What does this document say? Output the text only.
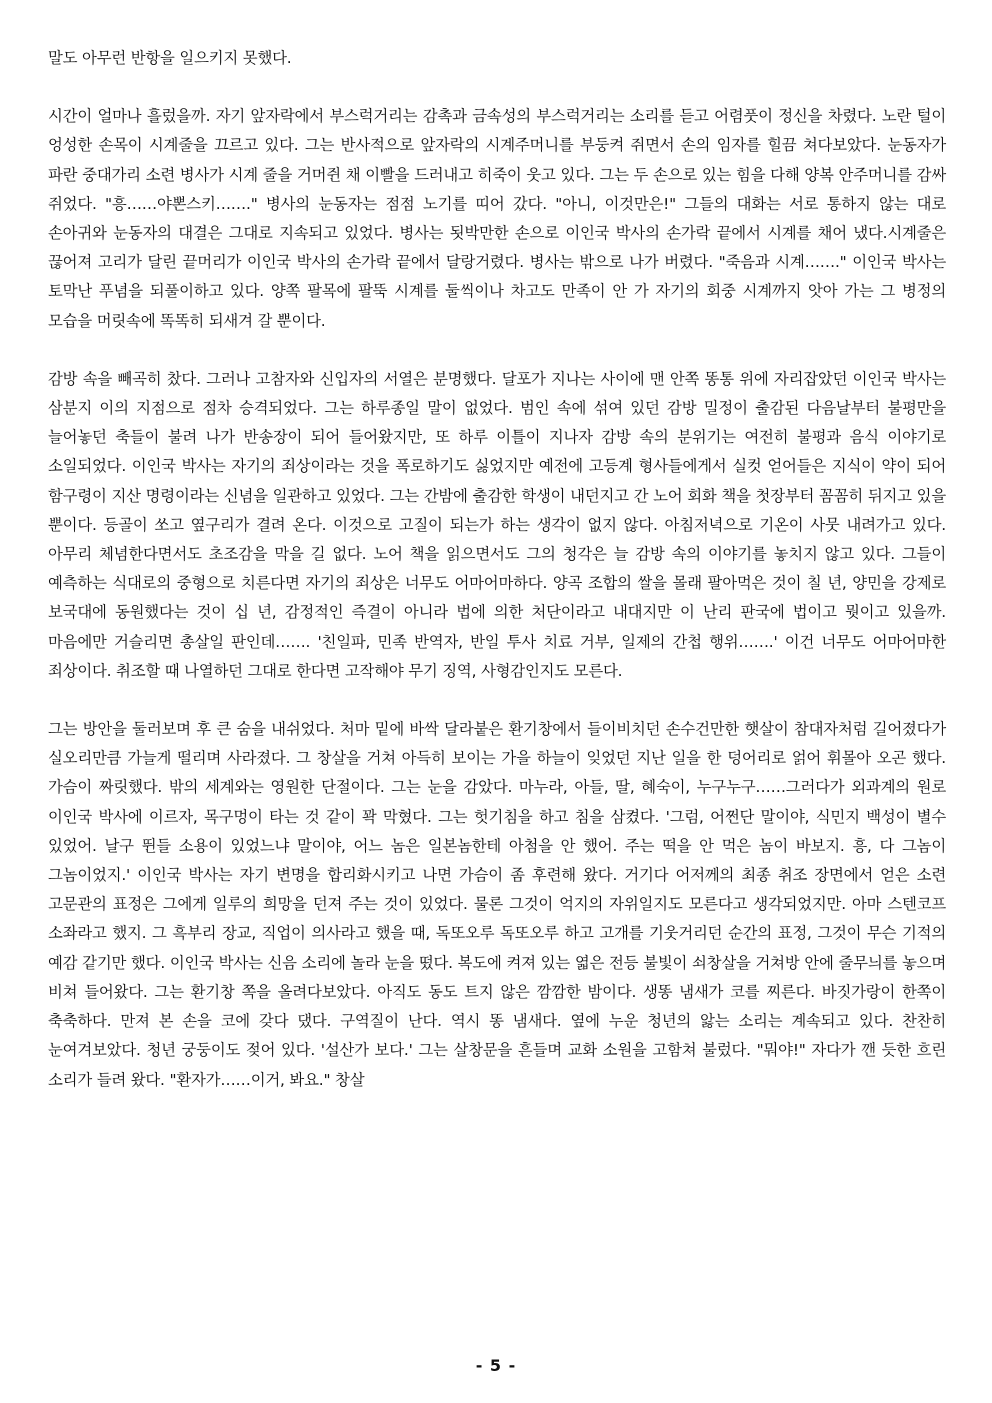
말도 아무런 반항을 일으키지 못했다.

시간이 얼마나 흘렀을까. 자기 앞자락에서 부스럭거리는 감촉과 금속성의 부스럭거리는 소리를 듣고 어렴풋이 정신을 차렸다. 노란 털이 엉성한 손목이 시계줄을 끄르고 있다. 그는 반사적으로 앞자락의 시계주머니를 부둥켜 쥐면서 손의 임자를 힐끔 쳐다보았다. 눈동자가 파란 중대가리 소련 병사가 시계 줄을 거머쥔 채 이빨을 드러내고 히죽이 웃고 있다. 그는 두 손으로 있는 힘을 다해 양복 안주머니를 감싸 쥐었다. "흥……야뽄스키……." 병사의 눈동자는 점점 노기를 띠어 갔다. "아니, 이것만은!" 그들의 대화는 서로 통하지 않는 대로 손아귀와 눈동자의 대결은 그대로 지속되고 있었다. 병사는 됫박만한 손으로 이인국 박사의 손가락 끝에서 시계를 채어 냈다.시계줄은 끊어져 고리가 달린 끝머리가 이인국 박사의 손가락 끝에서 달랑거렸다. 병사는 밖으로 나가 버렸다. "죽음과 시계……." 이인국 박사는 토막난 푸념을 되풀이하고 있다. 양쪽 팔목에 팔뚝 시계를 둘씩이나 차고도 만족이 안 가 자기의 회중 시계까지 앗아 가는 그 병정의 모습을 머릿속에 똑똑히 되새겨 갈 뿐이다.

감방 속을 빼곡히 찼다. 그러나 고참자와 신입자의 서열은 분명했다. 달포가 지나는 사이에 맨 안쪽 똥통 위에 자리잡았던 이인국 박사는 삼분지 이의 지점으로 점차 승격되었다. 그는 하루종일 말이 없었다. 범인 속에 섞여 있던 감방 밀정이 출감된 다음날부터 불평만을 늘어놓던 축들이 불려 나가 반송장이 되어 들어왔지만, 또 하루 이틀이 지나자 감방 속의 분위기는 여전히 불평과 음식 이야기로 소일되었다. 이인국 박사는 자기의 죄상이라는 것을 폭로하기도 싫었지만 예전에 고등계 형사들에게서 실컷 얻어들은 지식이 약이 되어 함구령이 지산 명령이라는 신념을 일관하고 있었다. 그는 간밤에 출감한 학생이 내던지고 간 노어 회화 책을 첫장부터 꼼꼼히 뒤지고 있을 뿐이다. 등골이 쏘고 옆구리가 결려 온다. 이것으로 고질이 되는가 하는 생각이 없지 않다. 아침저녁으로 기온이 사뭇 내려가고 있다. 아무리 체념한다면서도 초조감을 막을 길 없다. 노어 책을 읽으면서도 그의 청각은 늘 감방 속의 이야기를 놓치지 않고 있다. 그들이 예측하는 식대로의 중형으로 치른다면 자기의 죄상은 너무도 어마어마하다. 양곡 조합의 쌀을 몰래 팔아먹은 것이 칠 년, 양민을 강제로 보국대에 동원했다는 것이 십 년, 감정적인 즉결이 아니라 법에 의한 처단이라고 내대지만 이 난리 판국에 법이고 뭣이고 있을까. 마음에만 거슬리면 총살일 판인데……. '친일파, 민족 반역자, 반일 투사 치료 거부, 일제의 간첩 행위…….' 이건 너무도 어마어마한 죄상이다. 취조할 때 나열하던 그대로 한다면 고작해야 무기 징역, 사형감인지도 모른다.

그는 방안을 둘러보며 후 큰 숨을 내쉬었다. 처마 밑에 바싹 달라붙은 환기창에서 들이비치던 손수건만한 햇살이 참대자처럼 길어졌다가 실오리만큼 가늘게 떨리며 사라졌다. 그 창살을 거쳐 아득히 보이는 가을 하늘이 잊었던 지난 일을 한 덩어리로 얽어 휘몰아 오곤 했다. 가슴이 짜릿했다. 밖의 세계와는 영원한 단절이다. 그는 눈을 감았다. 마누라, 아들, 딸, 혜숙이, 누구누구……그러다가 외과계의 원로 이인국 박사에 이르자, 목구멍이 타는 것 같이 꽉 막혔다. 그는 헛기침을 하고 침을 삼켰다. '그럼, 어쩐단 말이야, 식민지 백성이 별수 있었어. 날구 뛴들 소용이 있었느냐 말이야, 어느 놈은 일본놈한테 아첨을 안 했어. 주는 떡을 안 먹은 놈이 바보지. 흥, 다 그놈이 그놈이었지.' 이인국 박사는 자기 변명을 합리화시키고 나면 가슴이 좀 후련해 왔다. 거기다 어저께의 최종 취조 장면에서 얻은 소련 고문관의 표정은 그에게 일루의 희망을 던져 주는 것이 있었다. 물론 그것이 억지의 자위일지도 모른다고 생각되었지만. 아마 스텐코프 소좌라고 했지. 그 흑부리 장교, 직업이 의사라고 했을 때, 독또오루 독또오루 하고 고개를 기웃거리던 순간의 표정, 그것이 무슨 기적의 예감 같기만 했다. 이인국 박사는 신음 소리에 놀라 눈을 떴다. 복도에 켜져 있는 엷은 전등 불빛이 쇠창살을 거쳐방 안에 줄무늬를 놓으며 비쳐 들어왔다. 그는 환기창 쪽을 올려다보았다. 아직도 동도 트지 않은 깜깜한 밤이다. 생똥 냄새가 코를 찌른다. 바짓가랑이 한쪽이 축축하다. 만져 본 손을 코에 갖다 댔다. 구역질이 난다. 역시 똥 냄새다. 옆에 누운 청년의 앓는 소리는 계속되고 있다. 찬찬히 눈여겨보았다. 청년 궁둥이도 젖어 있다. '설산가 보다.' 그는 살창문을 흔들며 교화 소원을 고함쳐 불렀다. "뭐야!" 자다가 깬 듯한 흐린 소리가 들려 왔다. "환자가……이거, 봐요." 창살

- 5 -
